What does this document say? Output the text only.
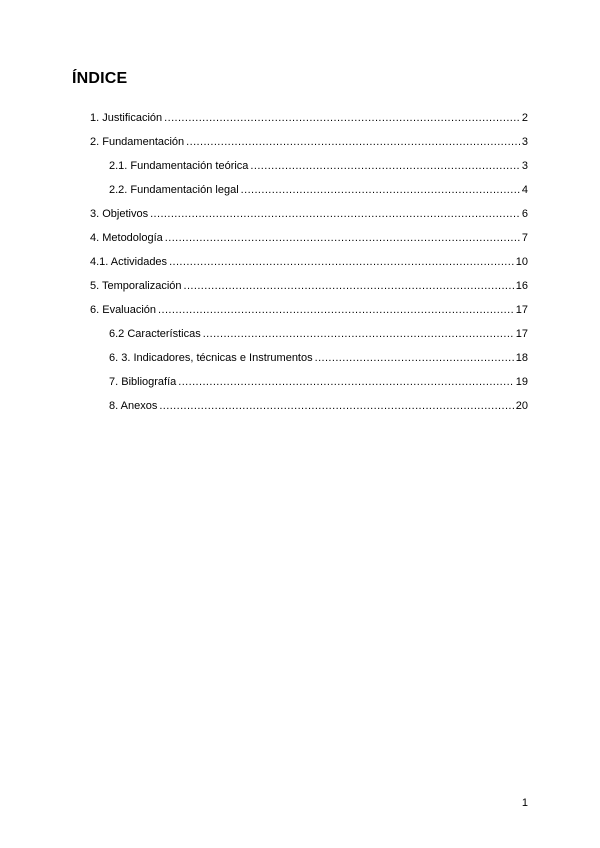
ÍNDICE
1. Justificación .....	2
2. Fundamentación .....	3
2.1. Fundamentación teórica .....	3
2.2. Fundamentación legal .....	4
3. Objetivos .....	6
4. Metodología .....	7
4.1. Actividades .....	10
5. Temporalización .....	16
6. Evaluación .....	17
6.2 Características .....	17
6. 3. Indicadores, técnicas e Instrumentos .....	18
7. Bibliografía .....	19
8. Anexos .....	20
1
